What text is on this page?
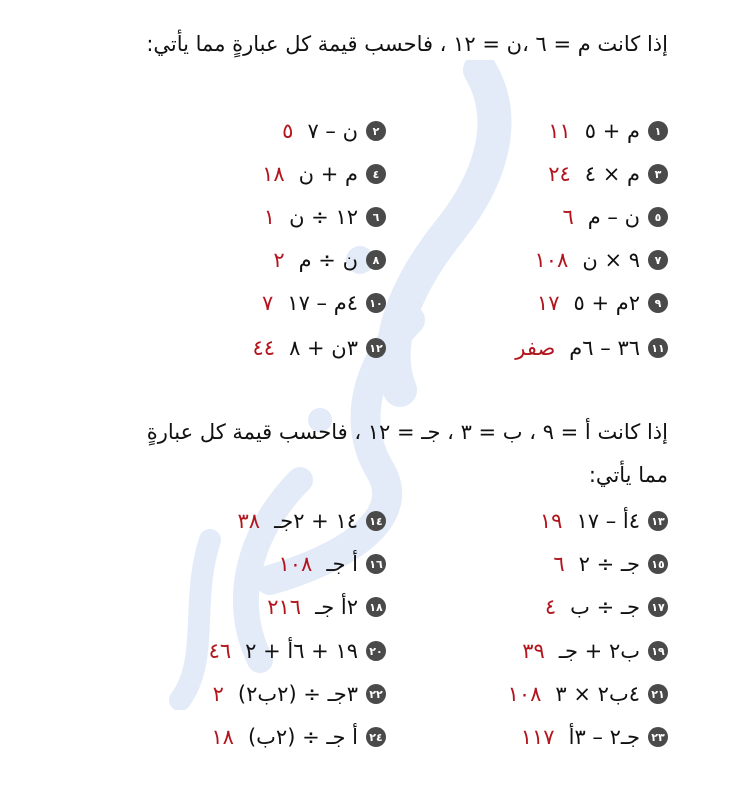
إذا كانت م = ٦ ،ن = ١٢ ، فاحسب قيمة كل عبارةٍ مما يأتي:
١
م + ٥
١١
٢
ن – ٧
٥
٣
م × ٤
٢٤
٤
م + ن
١٨
٥
ن – م
٦
٦
١٢ ÷ ن
١
٧
٩ × ن
١٠٨
٨
ن ÷ م
٢
٩
٢م + ٥
١٧
١٠
٤م – ١٧
٧
١١
٣٦ – ٦م
صفر
١٢
٣ن + ٨
٤٤
إذا كانت أ = ٩ ، ب = ٣ ، جـ = ١٢ ، فاحسب قيمة كل عبارةٍ
مما يأتي:
١٣
٤أ – ١٧
١٩
١٤
١٤ + ٢جـ
٣٨
١٥
جـ ÷ ٢
٦
١٦
أ جـ
١٠٨
١٧
جـ ÷ ب
٤
١٨
٢أ جـ
٢١٦
١٩
ب٢ + جـ
٣٩
٢٠
١٩ + ٦أ + ٢
٤٦
٢١
٤ب٢ × ٣
١٠٨
٢٢
٣جـ ÷ (٢ب٢)
٢
٢٣
جـ٢ – ٣أ
١١٧
٢٤
أ جـ ÷ (٢ب)
١٨
